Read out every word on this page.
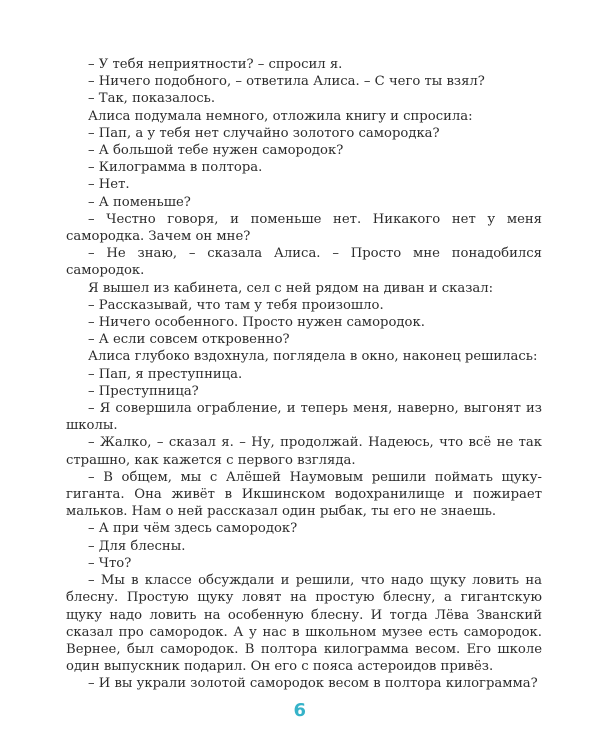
– У тебя неприятности? – спросил я.

– Ничего подобного, – ответила Алиса. – С чего ты взял?

– Так, показалось.

Алиса подумала немного, отложила книгу и спросила:

– Пап, а у тебя нет случайно золотого самородка?

– А большой тебе нужен самородок?

– Килограмма в полтора.

– Нет.

– А поменьше?

– Честно говоря, и поменьше нет. Никакого нет у меня самородка. Зачем он мне?

– Не знаю, – сказала Алиса. – Просто мне понадобился самородок.

Я вышел из кабинета, сел с ней рядом на диван и сказал:

– Рассказывай, что там у тебя произошло.

– Ничего особенного. Просто нужен самородок.

– А если совсем откровенно?

Алиса глубоко вздохнула, поглядела в окно, наконец решилась:

– Пап, я преступница.

– Преступница?

– Я совершила ограбление, и теперь меня, наверно, выгонят из школы.

– Жалко, – сказал я. – Ну, продолжай. Надеюсь, что всё не так страшно, как кажется с первого взгляда.

– В общем, мы с Алёшей Наумовым решили поймать щуку-гиганта. Она живёт в Икшинском водохранилище и пожирает мальков. Нам о ней рассказал один рыбак, ты его не знаешь.

– А при чём здесь самородок?

– Для блесны.

– Что?

– Мы в классе обсуждали и решили, что надо щуку ловить на блесну. Простую щуку ловят на простую блесну, а гигантскую щуку надо ловить на особенную блесну. И тогда Лёва Званский сказал про самородок. А у нас в школьном музее есть самородок. Вернее, был самородок. В полтора килограмма весом. Его школе один выпускник подарил. Он его с пояса астероидов привёз.

– И вы украли золотой самородок весом в полтора килограмма?

6
